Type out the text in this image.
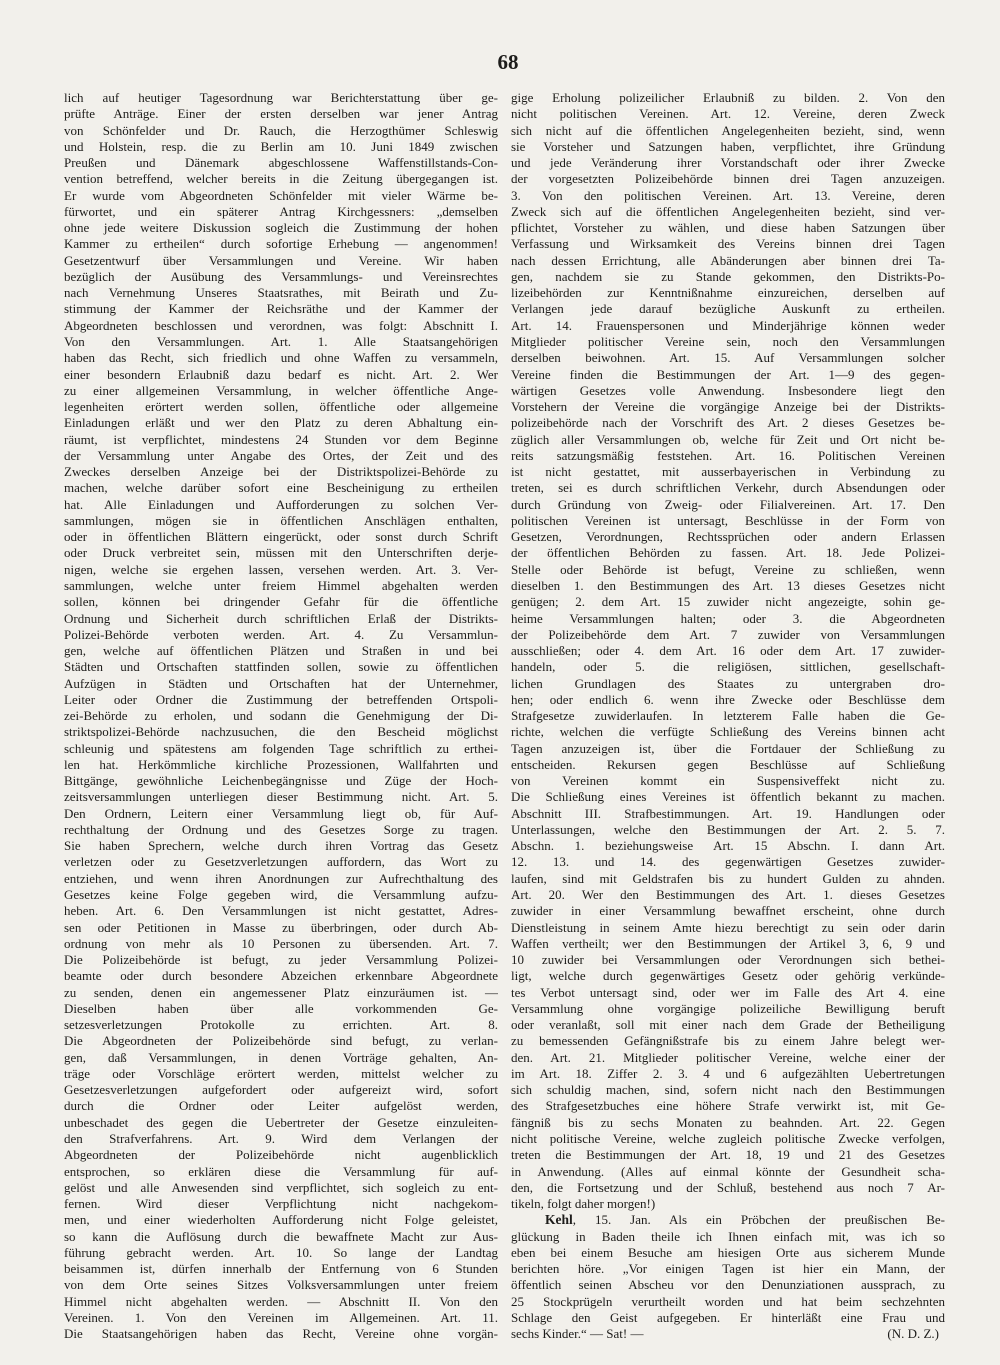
68
lich auf heutiger Tagesordnung war Berichterstattung über ge-
prüfte Anträge. Einer der ersten derselben war jener Antrag
von Schönfelder und Dr. Rauch, die Herzogthümer Schleswig
und Holstein, resp. die zu Berlin am 10. Juni 1849 zwischen
Preußen und Dänemark abgeschlossene Waffenstillstands-Con-
vention betreffend, welcher bereits in die Zeitung übergegangen ist.
Er wurde vom Abgeordneten Schönfelder mit vieler Wärme be-
fürwortet, und ein späterer Antrag Kirchgessners: „demselben
ohne jede weitere Diskussion sogleich die Zustimmung der hohen
Kammer zu ertheilen“ durch sofortige Erhebung — angenommen!
Gesetzentwurf über Versammlungen und Vereine. Wir haben
bezüglich der Ausübung des Versammlungs- und Vereinsrechtes
nach Vernehmung Unseres Staatsrathes, mit Beirath und Zu-
stimmung der Kammer der Reichsräthe und der Kammer der
Abgeordneten beschlossen und verordnen, was folgt: Abschnitt I.
Von den Versammlungen. Art. 1. Alle Staatsangehörigen
haben das Recht, sich friedlich und ohne Waffen zu versammeln,
einer besondern Erlaubniß dazu bedarf es nicht. Art. 2. Wer
zu einer allgemeinen Versammlung, in welcher öffentliche Ange-
legenheiten erörtert werden sollen, öffentliche oder allgemeine
Einladungen erläßt und wer den Platz zu deren Abhaltung ein-
räumt, ist verpflichtet, mindestens 24 Stunden vor dem Beginne
der Versammlung unter Angabe des Ortes, der Zeit und des
Zweckes derselben Anzeige bei der Distriktspolizei-Behörde zu
machen, welche darüber sofort eine Bescheinigung zu ertheilen
hat. Alle Einladungen und Aufforderungen zu solchen Ver-
sammlungen, mögen sie in öffentlichen Anschlägen enthalten,
oder in öffentlichen Blättern eingerückt, oder sonst durch Schrift
oder Druck verbreitet sein, müssen mit den Unterschriften derje-
nigen, welche sie ergehen lassen, versehen werden. Art. 3. Ver-
sammlungen, welche unter freiem Himmel abgehalten werden
sollen, können bei dringender Gefahr für die öffentliche
Ordnung und Sicherheit durch schriftlichen Erlaß der Distrikts-
Polizei-Behörde verboten werden. Art. 4. Zu Versammlun-
gen, welche auf öffentlichen Plätzen und Straßen in und bei
Städten und Ortschaften stattfinden sollen, sowie zu öffentlichen
Aufzügen in Städten und Ortschaften hat der Unternehmer,
Leiter oder Ordner die Zustimmung der betreffenden Ortspoli-
zei-Behörde zu erholen, und sodann die Genehmigung der Di-
striktspolizei-Behörde nachzusuchen, die den Bescheid möglichst
schleunig und spätestens am folgenden Tage schriftlich zu erthei-
len hat. Herkömmliche kirchliche Prozessionen, Wallfahrten und
Bittgänge, gewöhnliche Leichenbegängnisse und Züge der Hoch-
zeitsversammlungen unterliegen dieser Bestimmung nicht. Art. 5.
Den Ordnern, Leitern einer Versammlung liegt ob, für Auf-
rechthaltung der Ordnung und des Gesetzes Sorge zu tragen.
Sie haben Sprechern, welche durch ihren Vortrag das Gesetz
verletzen oder zu Gesetzverletzungen auffordern, das Wort zu
entziehen, und wenn ihren Anordnungen zur Aufrechthaltung des
Gesetzes keine Folge gegeben wird, die Versammlung aufzu-
heben. Art. 6. Den Versammlungen ist nicht gestattet, Adres-
sen oder Petitionen in Masse zu überbringen, oder durch Ab-
ordnung von mehr als 10 Personen zu übersenden. Art. 7.
Die Polizeibehörde ist befugt, zu jeder Versammlung Polizei-
beamte oder durch besondere Abzeichen erkennbare Abgeordnete
zu senden, denen ein angemessener Platz einzuräumen ist. —
Dieselben haben über alle vorkommenden Ge-
setzesverletzungen Protokolle zu errichten. Art. 8.
Die Abgeordneten der Polizeibehörde sind befugt, zu verlan-
gen, daß Versammlungen, in denen Vorträge gehalten, An-
träge oder Vorschläge erörtert werden, mittelst welcher zu
Gesetzesverletzungen aufgefordert oder aufgereizt wird, sofort
durch die Ordner oder Leiter aufgelöst werden,
unbeschadet des gegen die Uebertreter der Gesetze einzuleiten-
den Strafverfahrens. Art. 9. Wird dem Verlangen der
Abgeordneten der Polizeibehörde nicht augenblicklich
entsprochen, so erklären diese die Versammlung für auf-
gelöst und alle Anwesenden sind verpflichtet, sich sogleich zu ent-
fernen. Wird dieser Verpflichtung nicht nachgekom-
men, und einer wiederholten Aufforderung nicht Folge geleistet,
so kann die Auflösung durch die bewaffnete Macht zur Aus-
führung gebracht werden. Art. 10. So lange der Landtag
beisammen ist, dürfen innerhalb der Entfernung von 6 Stunden
von dem Orte seines Sitzes Volksversammlungen unter freiem
Himmel nicht abgehalten werden. — Abschnitt II. Von den
Vereinen. 1. Von den Vereinen im Allgemeinen. Art. 11.
Die Staatsangehörigen haben das Recht, Vereine ohne vorgän-
gige Erholung polizeilicher Erlaubniß zu bilden. 2. Von den
nicht politischen Vereinen. Art. 12. Vereine, deren Zweck
sich nicht auf die öffentlichen Angelegenheiten bezieht, sind, wenn
sie Vorsteher und Satzungen haben, verpflichtet, ihre Gründung
und jede Veränderung ihrer Vorstandschaft oder ihrer Zwecke
der vorgesetzten Polizeibehörde binnen drei Tagen anzuzeigen.
3. Von den politischen Vereinen. Art. 13. Vereine, deren
Zweck sich auf die öffentlichen Angelegenheiten bezieht, sind ver-
pflichtet, Vorsteher zu wählen, und diese haben Satzungen über
Verfassung und Wirksamkeit des Vereins binnen drei Tagen
nach dessen Errichtung, alle Abänderungen aber binnen drei Ta-
gen, nachdem sie zu Stande gekommen, den Distrikts-Po-
lizeibehörden zur Kenntnißnahme einzureichen, derselben auf
Verlangen jede darauf bezügliche Auskunft zu ertheilen.
Art. 14. Frauenspersonen und Minderjährige können weder
Mitglieder politischer Vereine sein, noch den Versammlungen
derselben beiwohnen. Art. 15. Auf Versammlungen solcher
Vereine finden die Bestimmungen der Art. 1—9 des gegen-
wärtigen Gesetzes volle Anwendung. Insbesondere liegt den
Vorstehern der Vereine die vorgängige Anzeige bei der Distrikts-
polizeibehörde nach der Vorschrift des Art. 2 dieses Gesetzes be-
züglich aller Versammlungen ob, welche für Zeit und Ort nicht be-
reits satzungsmäßig feststehen. Art. 16. Politischen Vereinen
ist nicht gestattet, mit ausserbayerischen in Verbindung zu
treten, sei es durch schriftlichen Verkehr, durch Absendungen oder
durch Gründung von Zweig- oder Filialvereinen. Art. 17. Den
politischen Vereinen ist untersagt, Beschlüsse in der Form von
Gesetzen, Verordnungen, Rechtssprüchen oder andern Erlassen
der öffentlichen Behörden zu fassen. Art. 18. Jede Polizei-
Stelle oder Behörde ist befugt, Vereine zu schließen, wenn
dieselben 1. den Bestimmungen des Art. 13 dieses Gesetzes nicht
genügen; 2. dem Art. 15 zuwider nicht angezeigte, sohin ge-
heime Versammlungen halten; oder 3. die Abgeordneten
der Polizeibehörde dem Art. 7 zuwider von Versammlungen
ausschließen; oder 4. dem Art. 16 oder dem Art. 17 zuwider-
handeln, oder 5. die religiösen, sittlichen, gesellschaft-
lichen Grundlagen des Staates zu untergraben dro-
hen; oder endlich 6. wenn ihre Zwecke oder Beschlüsse dem
Strafgesetze zuwiderlaufen. In letzterem Falle haben die Ge-
richte, welchen die verfügte Schließung des Vereins binnen acht
Tagen anzuzeigen ist, über die Fortdauer der Schließung zu
entscheiden. Rekursen gegen Beschlüsse auf Schließung
von Vereinen kommt ein Suspensiveffekt nicht zu.
Die Schließung eines Vereines ist öffentlich bekannt zu machen.
Abschnitt III. Strafbestimmungen. Art. 19. Handlungen oder
Unterlassungen, welche den Bestimmungen der Art. 2. 5. 7.
Abschn. 1. beziehungsweise Art. 15 Abschn. I. dann Art.
12. 13. und 14. des gegenwärtigen Gesetzes zuwider-
laufen, sind mit Geldstrafen bis zu hundert Gulden zu ahnden.
Art. 20. Wer den Bestimmungen des Art. 1. dieses Gesetzes
zuwider in einer Versammlung bewaffnet erscheint, ohne durch
Dienstleistung in seinem Amte hiezu berechtigt zu sein oder darin
Waffen vertheilt; wer den Bestimmungen der Artikel 3, 6, 9 und
10 zuwider bei Versammlungen oder Verordnungen sich bethei-
ligt, welche durch gegenwärtiges Gesetz oder gehörig verkünde-
tes Verbot untersagt sind, oder wer im Falle des Art 4. eine
Versammlung ohne vorgängige polizeiliche Bewilligung beruft
oder veranlaßt, soll mit einer nach dem Grade der Betheiligung
zu bemessenden Gefängnißstrafe bis zu einem Jahre belegt wer-
den. Art. 21. Mitglieder politischer Vereine, welche einer der
im Art. 18. Ziffer 2. 3. 4 und 6 aufgezählten Uebertretungen
sich schuldig machen, sind, sofern nicht nach den Bestimmungen
des Strafgesetzbuches eine höhere Strafe verwirkt ist, mit Ge-
fängniß bis zu sechs Monaten zu beahnden. Art. 22. Gegen
nicht politische Vereine, welche zugleich politische Zwecke verfolgen,
treten die Bestimmungen der Art. 18, 19 und 21 des Gesetzes
in Anwendung. (Alles auf einmal könnte der Gesundheit scha-
den, die Fortsetzung und der Schluß, bestehend aus noch 7 Ar-
tikeln, folgt daher morgen!)
Kehl, 15. Jan. Als ein Pröbchen der preußischen Be-
glückung in Baden theile ich Ihnen einfach mit, was ich so
eben bei einem Besuche am hiesigen Orte aus sicherem Munde
berichten höre. „Vor einigen Tagen ist hier ein Mann, der
öffentlich seinen Abscheu vor den Denunziationen aussprach, zu
25 Stockprügeln verurtheilt worden und hat beim sechzehnten
Schlage den Geist aufgegeben. Er hinterläßt eine Frau und
sechs Kinder.“ — Sat! —	(N. D. Z.)
